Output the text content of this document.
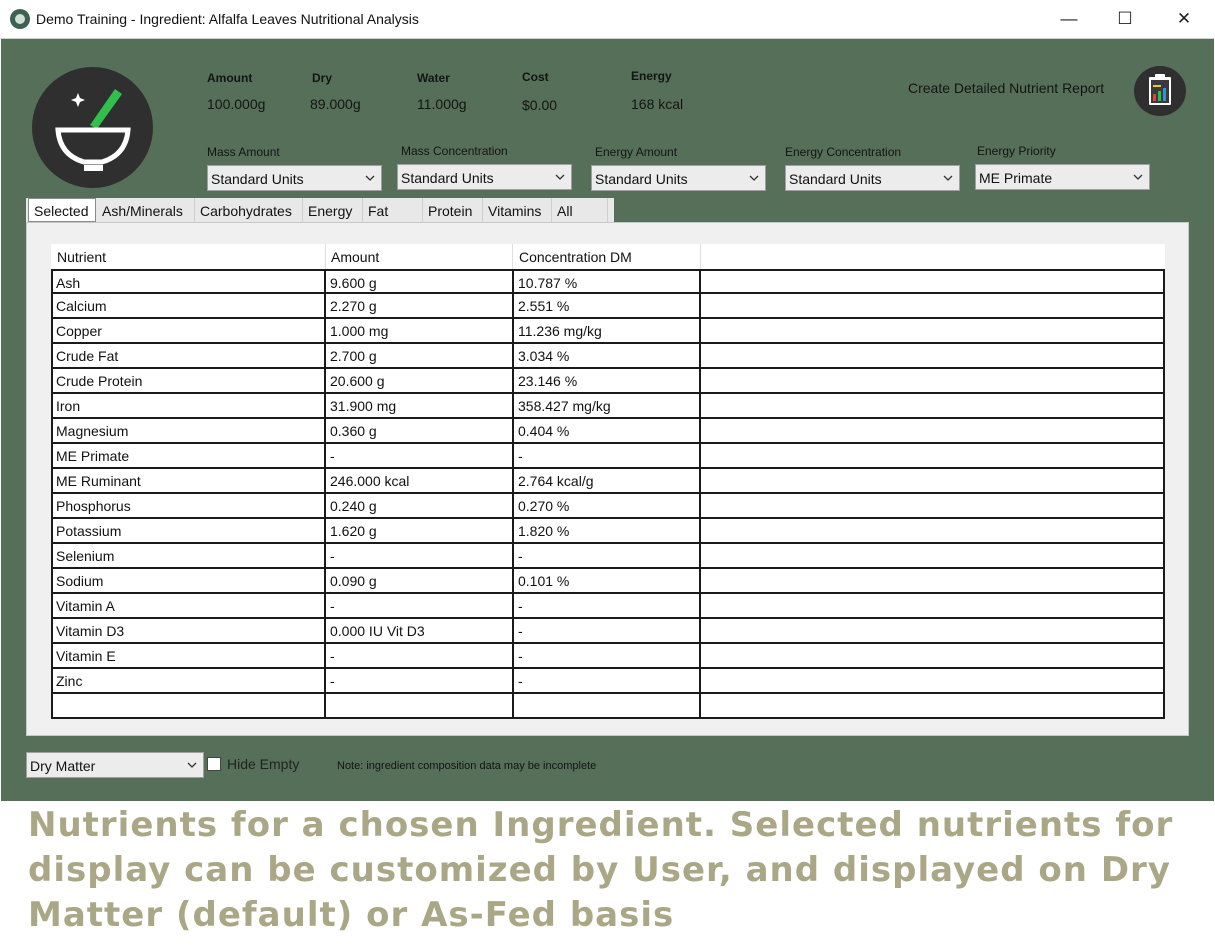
Demo Training - Ingredient: Alfalfa Leaves Nutritional Analysis	—	☐	✕
Amount
100.000g
Dry
89.000g
Water
11.000g
Cost
$0.00
Energy
168 kcal
Create Detailed Nutrient Report
Mass Amount
Standard Units
Mass Concentration
Standard Units
Energy Amount
Standard Units
Energy Concentration
Standard Units
Energy Priority
ME Primate
Selected Ash/Minerals	Carbohydrates	Energy	Fat	Protein	Vitamins	All
Nutrient	Amount	Concentration DM
Ash	9.600 g	10.787 %
Calcium	2.270 g	2.551 %
Copper	1.000 mg	11.236 mg/kg
Crude Fat	2.700 g	3.034 %
Crude Protein	20.600 g	23.146 %
Iron	31.900 mg	358.427 mg/kg
Magnesium	0.360 g	0.404 %
ME Primate	-	-
ME Ruminant	246.000 kcal	2.764 kcal/g
Phosphorus	0.240 g	0.270 %
Potassium	1.620 g	1.820 %
Selenium	-	-
Sodium	0.090 g	0.101 %
Vitamin A	-	-
Vitamin D3	0.000 IU Vit D3	-
Vitamin E	-	-
Zinc	-	-
Dry Matter	Hide Empty	Note: ingredient composition data may be incomplete
Nutrients for a chosen Ingredient. Selected nutrients for display can be customized by User, and displayed on Dry Matter (default) or As-Fed basis
